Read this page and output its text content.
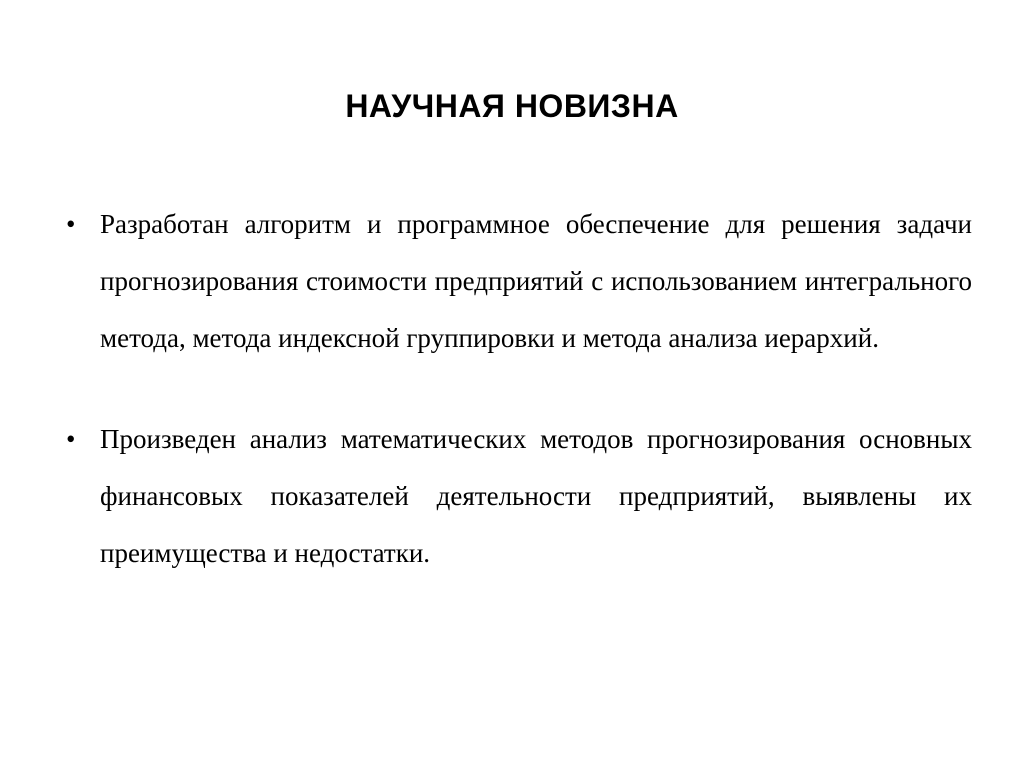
НАУЧНАЯ НОВИЗНА
• Разработан алгоритм и программное обеспечение для решения задачи прогнозирования стоимости предприятий с использованием интегрального метода, метода индексной группировки и метода анализа иерархий.
• Произведен анализ математических методов прогнозирования основных финансовых показателей деятельности предприятий, выявлены их преимущества и недостатки.
